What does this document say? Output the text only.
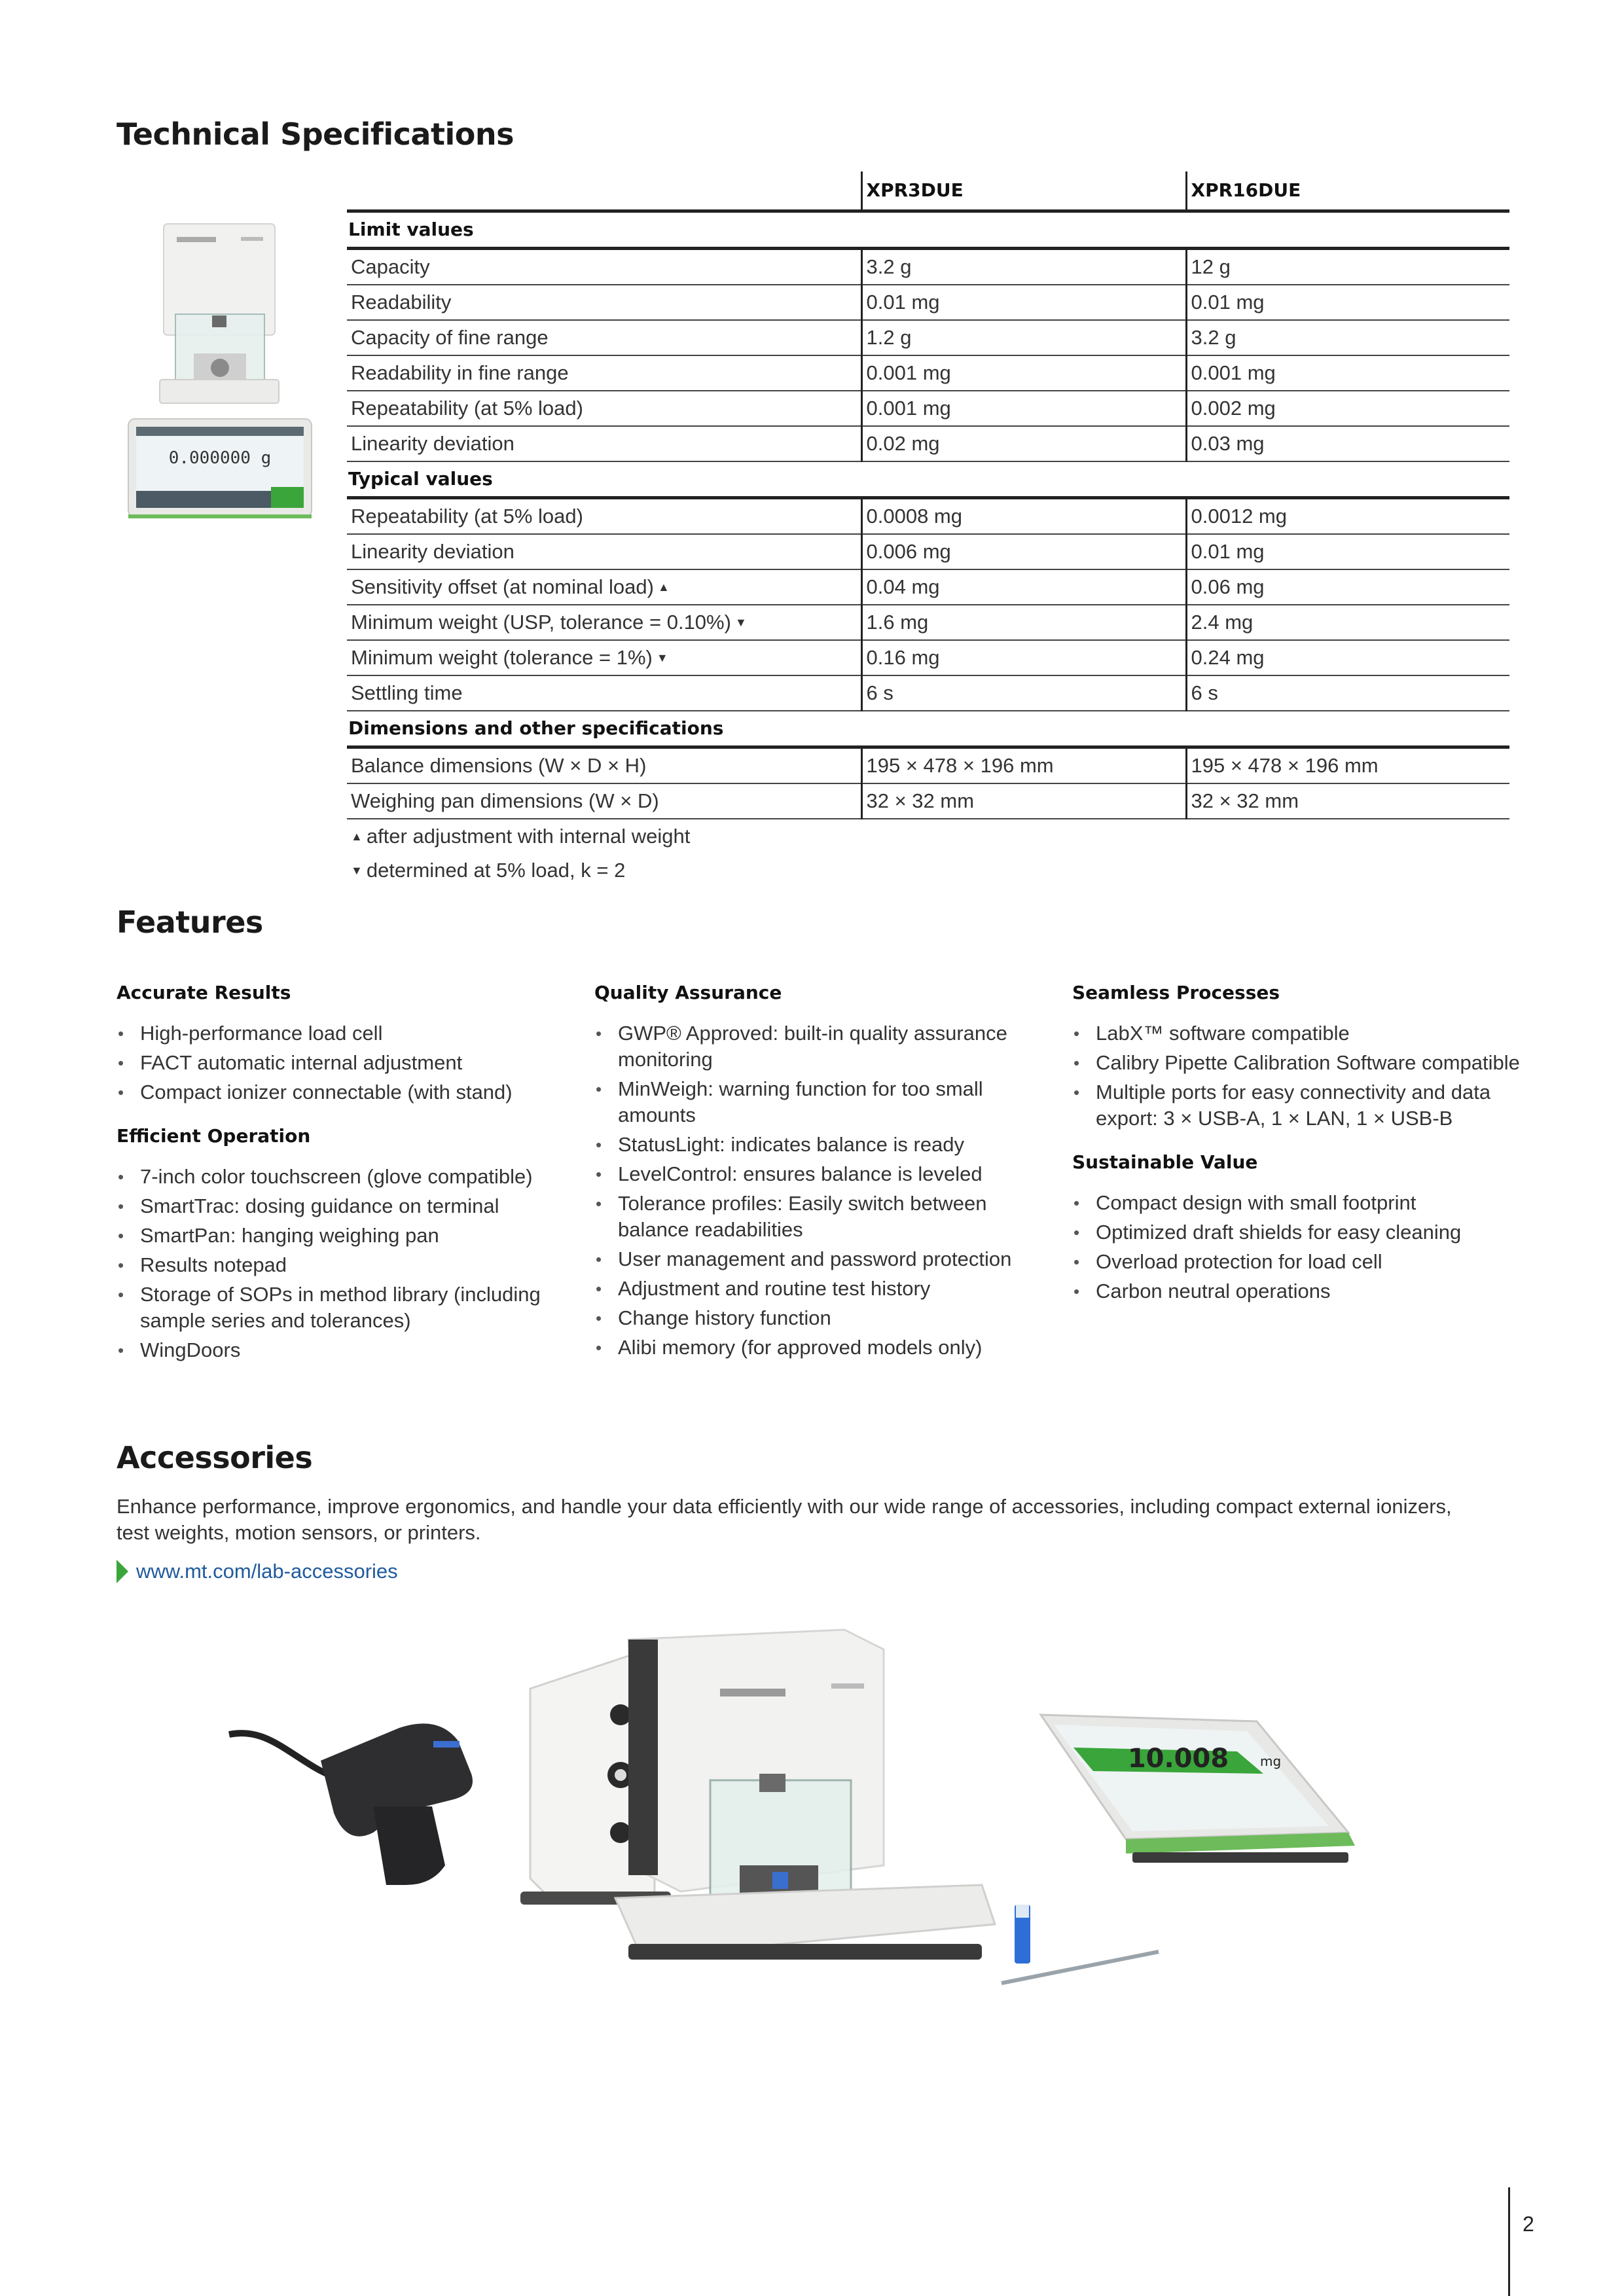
Technical Specifications
0.000000 g
	XPR3DUE	XPR16DUE
Limit values		
Capacity	3.2 g	12 g
Readability	0.01 mg	0.01 mg
Capacity of fine range	1.2 g	3.2 g
Readability in fine range	0.001 mg	0.001 mg
Repeatability (at 5% load)	0.001 mg	0.002 mg
Linearity deviation	0.02 mg	0.03 mg
Typical values		
Repeatability (at 5% load)	0.0008 mg	0.0012 mg
Linearity deviation	0.006 mg	0.01 mg
Sensitivity offset (at nominal load) ▲	0.04 mg	0.06 mg
Minimum weight (USP, tolerance = 0.10%) ▼	1.6 mg	2.4 mg
Minimum weight (tolerance = 1%) ▼	0.16 mg	0.24 mg
Settling time	6 s	6 s
Dimensions and other specifications		
Balance dimensions (W × D × H)	195 × 478 × 196 mm	195 × 478 × 196 mm
Weighing pan dimensions (W × D)	32 × 32 mm	32 × 32 mm
▲ after adjustment with internal weight		
▼ determined at 5% load, k = 2		
Features
Accurate Results
• High-performance load cell
• FACT automatic internal adjustment
• Compact ionizer connectable (with stand)
Efficient Operation
• 7-inch color touchscreen (glove compatible)
• SmartTrac: dosing guidance on terminal
• SmartPan: hanging weighing pan
• Results notepad
• Storage of SOPs in method library (including sample series and tolerances)
• WingDoors
Quality Assurance
• GWP® Approved: built-in quality assurance monitoring
• MinWeigh: warning function for too small amounts
• StatusLight: indicates balance is ready
• LevelControl: ensures balance is leveled
• Tolerance profiles: Easily switch between balance readabilities
• User management and password protection
• Adjustment and routine test history
• Change history function
• Alibi memory (for approved models only)
Seamless Processes
• LabX™ software compatible
• Calibry Pipette Calibration Software compatible
• Multiple ports for easy connectivity and data export: 3 × USB-A, 1 × LAN, 1 × USB-B
Sustainable Value
• Compact design with small footprint
• Optimized draft shields for easy cleaning
• Overload protection for load cell
• Carbon neutral operations
Accessories

Enhance performance, improve ergonomics, and handle your data efficiently with our wide range of accessories, including compact external ionizers, test weights, motion sensors, or printers.

www.mt.com/lab-accessories
10.008 mg
2
